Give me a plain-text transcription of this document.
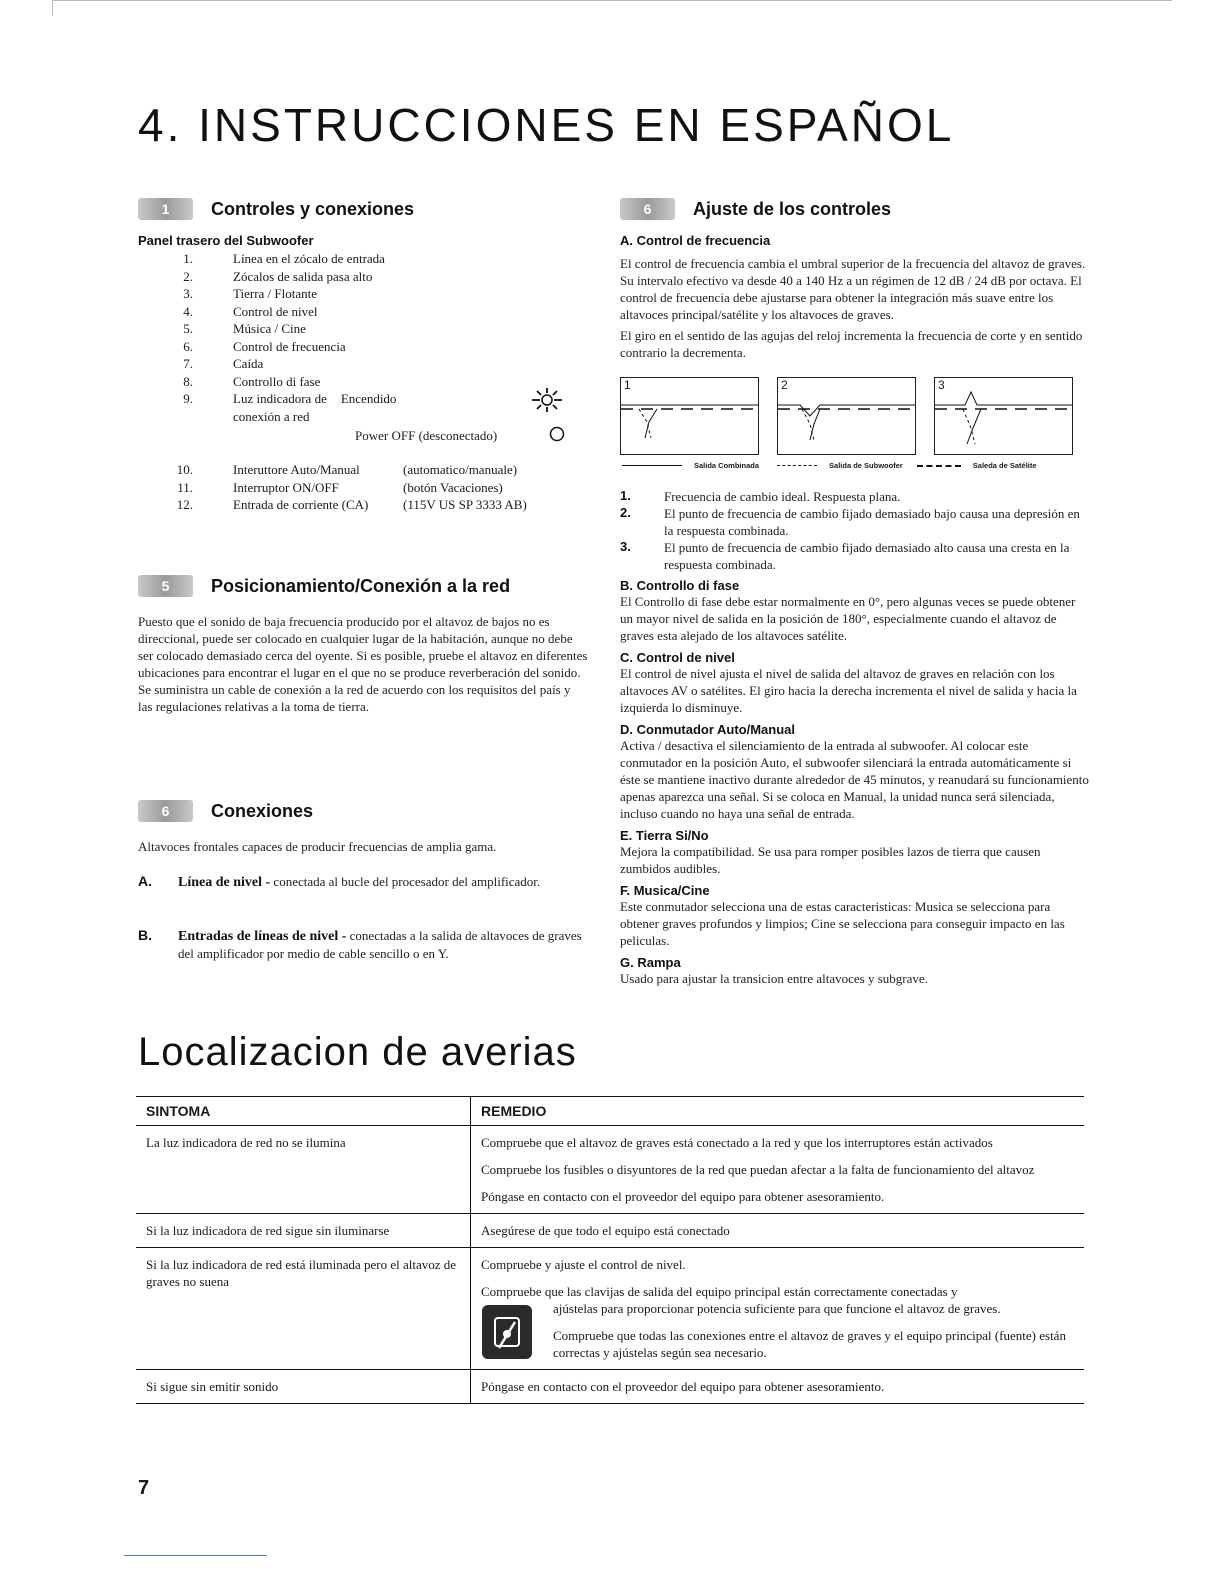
4. INSTRUCCIONES EN ESPAÑOL
1	Controles y conexiones
Panel trasero del Subwoofer
1.	Línea en el zócalo de entrada
2.	Zócalos de salida pasa alto
3.	Tierra / Flotante
4.	Control de nivel
5.	Música / Cine
6.	Control de frecuencia
7.	Caída
8.	Controllo di fase
9.	Luz indicadora de Encendido
conexión a red
Power OFF (desconectado)
10.	Interuttore Auto/Manual	(automatico/manuale)
11.	Interruptor ON/OFF	(botón Vacaciones)
12.	Entrada de corriente (CA)	(115V US SP 3333 AB)
5	Posicionamiento/Conexión a la red
Puesto que el sonido de baja frecuencia producido por el altavoz de bajos no es direccional, puede ser colocado en cualquier lugar de la habitación, aunque no debe ser colocado demasiado cerca del oyente. Si es posible, pruebe el altavoz en diferentes ubicaciones para encontrar el lugar en el que no se produce reverberación del sonido.
Se suministra un cable de conexión a la red de acuerdo con los requisitos del país y las regulaciones relativas a la toma de tierra.
6	Conexiones
Altavoces frontales capaces de producir frecuencias de amplia gama.
A.	Línea de nivel - conectada al bucle del procesador del amplificador.
B.	Entradas de líneas de nivel - conectadas a la salida de altavoces de graves del amplificador por medio de cable sencillo o en Y.
6	Ajuste de los controles
A. Control de frecuencia
El control de frecuencia cambia el umbral superior de la frecuencia del altavoz de graves. Su intervalo efectivo va desde 40 a 140 Hz a un régimen de 12 dB / 24 dB por octava. El control de frecuencia debe ajustarse para obtener la integración más suave entre los altavoces principal/satélite y los altavoces de graves.
El giro en el sentido de las agujas del reloj incrementa la frecuencia de corte y en sentido contrario la decrementa.
1	2	3
Salida Combinada	Salida de Subwoofer	Saleda de Satélite
1.	Frecuencia de cambio ideal. Respuesta plana.
2.	El punto de frecuencia de cambio fijado demasiado bajo causa una depresión en la respuesta combinada.
3.	El punto de frecuencia de cambio fijado demasiado alto causa una cresta en la respuesta combinada.
B. Controllo di fase
El Controllo di fase debe estar normalmente en 0°, pero algunas veces se puede obtener un mayor nivel de salida en la posición de 180°, especialmente cuando el altavoz de graves esta alejado de los altavoces satélite.
C. Control de nivel
El control de nivel ajusta el nivel de salida del altavoz de graves en relación con los altavoces AV o satélites. El giro hacia la derecha incrementa el nivel de salida y hacia la izquierda lo disminuye.
D. Conmutador Auto/Manual
Activa / desactiva el silenciamiento de la entrada al subwoofer. Al colocar este conmutador en la posición Auto, el subwoofer silenciará la entrada automáticamente si éste se mantiene inactivo durante alrededor de 45 minutos, y reanudará su funcionamiento apenas aparezca una señal. Si se coloca en Manual, la unidad nunca será silenciada, incluso cuando no haya una señal de entrada.
E. Tierra Si/No
Mejora la compatibilidad. Se usa para romper posibles lazos de tierra que causen zumbidos audibles.
F. Musica/Cine
Este conmutador selecciona una de estas caracteristicas: Musica se selecciona para obtener graves profundos y limpios; Cine se selecciona para conseguir impacto en las peliculas.
G. Rampa
Usado para ajustar la transicion entre altavoces y subgrave.
Localizacion de averias
SINTOMA	REMEDIO
La luz indicadora de red no se ilumina	Compruebe que el altavoz de graves está conectado a la red y que los interruptores están activados

Compruebe los fusibles o disyuntores de la red que puedan afectar a la falta de funcionamiento del altavoz

Póngase en contacto con el proveedor del equipo para obtener asesoramiento.

Si la luz indicadora de red sigue sin iluminarse	Asegúrese de que todo el equipo está conectado
Si la luz indicadora de red está iluminada pero el altavoz de graves no suena	Compruebe y ajuste el control de nivel.

Compruebe que las clavijas de salida del equipo principal están correctamente conectadas y

ajústelas para proporcionar potencia suficiente para que funcione el altavoz de graves.

Compruebe que todas las conexiones entre el altavoz de graves y el equipo principal (fuente) están correctas y ajústelas según sea necesario.

Si sigue sin emitir sonido	Póngase en contacto con el proveedor del equipo para obtener asesoramiento.
7
